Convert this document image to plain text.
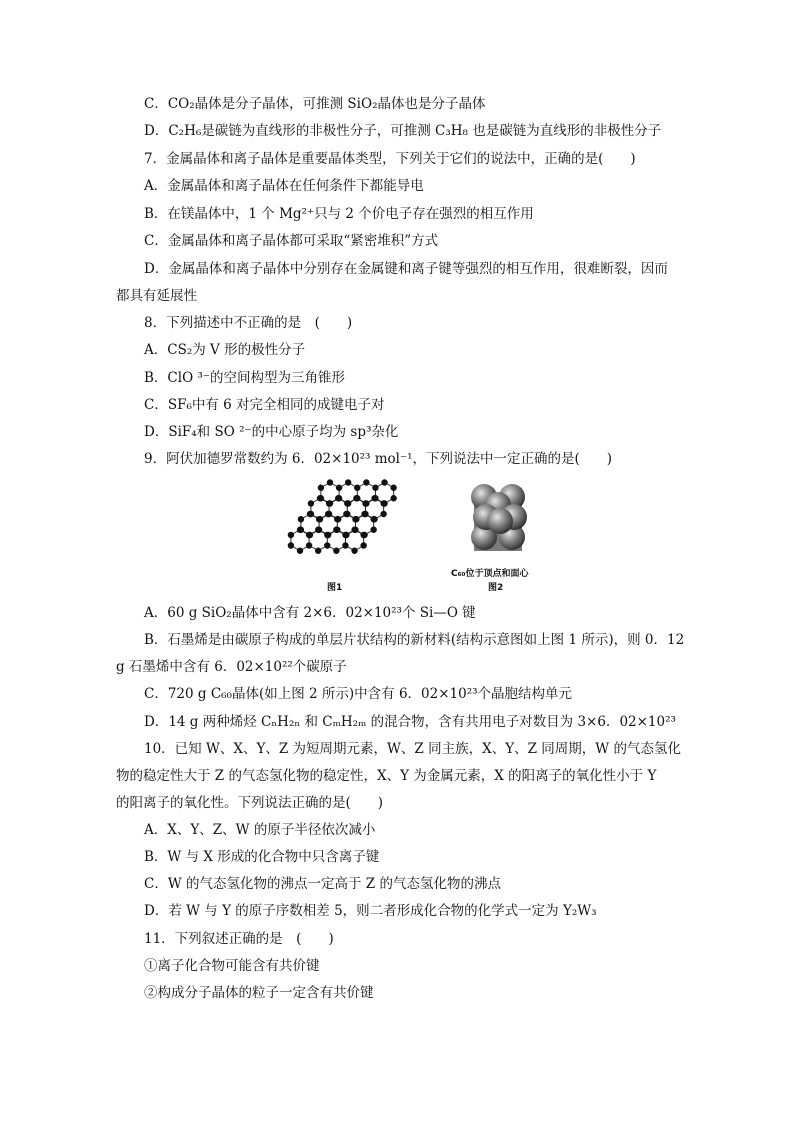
C．CO₂晶体是分子晶体，可推测 SiO₂晶体也是分子晶体
D．C₂H₆是碳链为直线形的非极性分子，可推测 C₃H₈ 也是碳链为直线形的非极性分子
7．金属晶体和离子晶体是重要晶体类型，下列关于它们的说法中，正确的是(　　)
A．金属晶体和离子晶体在任何条件下都能导电
B．在镁晶体中，1 个 Mg²⁺只与 2 个价电子存在强烈的相互作用
C．金属晶体和离子晶体都可采取“紧密堆积”方式
D．金属晶体和离子晶体中分别存在金属键和离子键等强烈的相互作用，很难断裂，因而
都具有延展性
8．下列描述中不正确的是　(　　)
A．CS₂为 V 形的极性分子
B．ClO ³⁻的空间构型为三角锥形
C．SF₆中有 6 对完全相同的成键电子对
D．SiF₄和 SO ²⁻的中心原子均为 sp³杂化
9．阿伏加德罗常数约为 6．02×10²³ mol⁻¹，下列说法中一定正确的是(　　)
图1
C₆₀位于顶点和面心
图2
A．60 g SiO₂晶体中含有 2×6．02×10²³个 Si—O 键
B．石墨烯是由碳原子构成的单层片状结构的新材料(结构示意图如上图 1 所示)，则 0．12
g 石墨烯中含有 6．02×10²²个碳原子
C．720 g C₆₀晶体(如上图 2 所示)中含有 6．02×10²³个晶胞结构单元
D．14 g 两种烯烃 CₙH₂ₙ 和 CₘH₂ₘ 的混合物，含有共用电子对数目为 3×6．02×10²³
10．已知 W、X、Y、Z 为短周期元素，W、Z 同主族，X、Y、Z 同周期，W 的气态氢化
物的稳定性大于 Z 的气态氢化物的稳定性，X、Y 为金属元素，X 的阳离子的氧化性小于 Y
的阳离子的氧化性。下列说法正确的是(　　)
A．X、Y、Z、W 的原子半径依次减小
B．W 与 X 形成的化合物中只含离子键
C．W 的气态氢化物的沸点一定高于 Z 的气态氢化物的沸点
D．若 W 与 Y 的原子序数相差 5，则二者形成化合物的化学式一定为 Y₂W₃
11．下列叙述正确的是　(　　)
①离子化合物可能含有共价键
②构成分子晶体的粒子一定含有共价键
